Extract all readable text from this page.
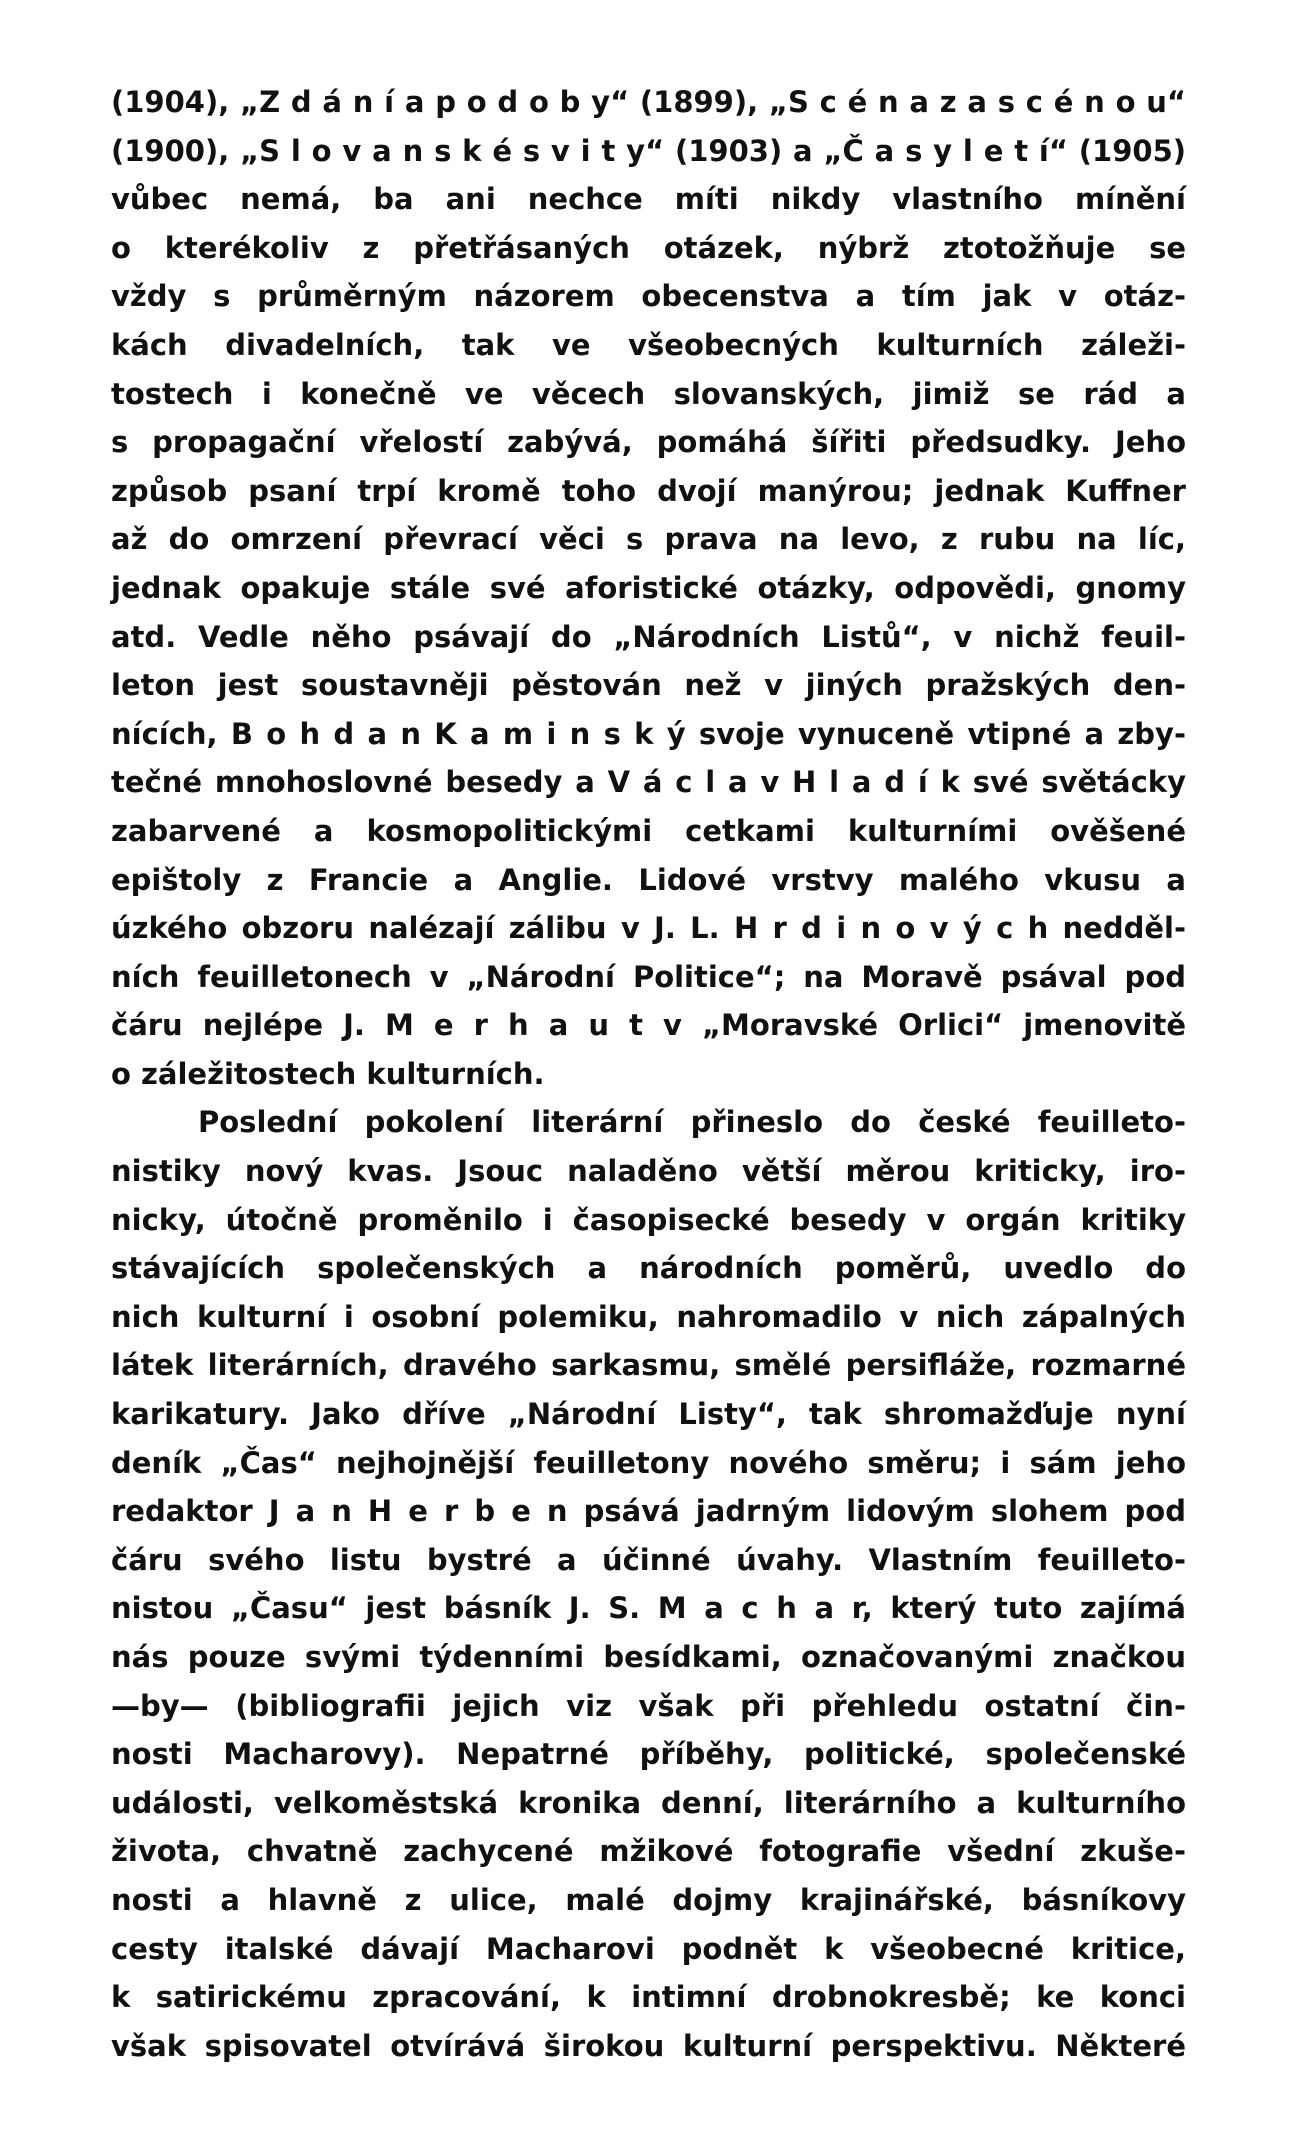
(1904), „Z d á n í a p o d o b y“ (1899), „S c é n a z a s c é n o u“
(1900), „S l o v a n s k é s v i t y“ (1903) a „Č a s y l e t í“ (1905)
vůbec nemá, ba ani nechce míti nikdy vlastního mínění
o kterékoliv z přetřásaných otázek, nýbrž ztotožňuje se
vždy s průměrným názorem obecenstva a tím jak v otáz-
kách divadelních, tak ve všeobecných kulturních záleži-
tostech i konečně ve věcech slovanských, jimiž se rád a
s propagační vřelostí zabývá, pomáhá šířiti předsudky. Jeho
způsob psaní trpí kromě toho dvojí manýrou; jednak Kuffner
až do omrzení převrací věci s prava na levo, z rubu na líc,
jednak opakuje stále své aforistické otázky, odpovědi, gnomy
atd. Vedle něho psávají do „Národních Listů“, v nichž feuil-
leton jest soustavněji pěstován než v jiných pražských den-
nících, B o h d a n K a m i n s k ý svoje vynuceně vtipné a zby-
tečné mnohoslovné besedy a V á c l a v H l a d í k své světácky
zabarvené a kosmopolitickými cetkami kulturními ověšené
epištoly z Francie a Anglie. Lidové vrstvy malého vkusu a
úzkého obzoru nalézají zálibu v J. L. H r d i n o v ý c h nedděl-
ních feuilletonech v „Národní Politice“; na Moravě psával pod
čáru nejlépe J. M e r h a u t v „Moravské Orlici“ jmenovitě
o záležitostech kulturních.
Poslední pokolení literární přineslo do české feuilleto-
nistiky nový kvas. Jsouc naladěno větší měrou kriticky, iro-
nicky, útočně proměnilo i časopisecké besedy v orgán kritiky
stávajících společenských a národních poměrů, uvedlo do
nich kulturní i osobní polemiku, nahromadilo v nich zápalných
látek literárních, dravého sarkasmu, smělé persifláže, rozmarné
karikatury. Jako dříve „Národní Listy“, tak shromažďuje nyní
deník „Čas“ nejhojnější feuilletony nového směru; i sám jeho
redaktor J a n H e r b e n psává jadrným lidovým slohem pod
čáru svého listu bystré a účinné úvahy. Vlastním feuilleto-
nistou „Času“ jest básník J. S. M a c h a r, který tuto zajímá
nás pouze svými týdenními besídkami, označovanými značkou
—by— (bibliografii jejich viz však při přehledu ostatní čin-
nosti Macharovy). Nepatrné příběhy, politické, společenské
události, velkoměstská kronika denní, literárního a kulturního
života, chvatně zachycené mžikové fotografie všední zkuše-
nosti a hlavně z ulice, malé dojmy krajinářské, básníkovy
cesty italské dávají Macharovi podnět k všeobecné kritice,
k satirickému zpracování, k intimní drobnokresbě; ke konci
však spisovatel otvírává širokou kulturní perspektivu. Některé
